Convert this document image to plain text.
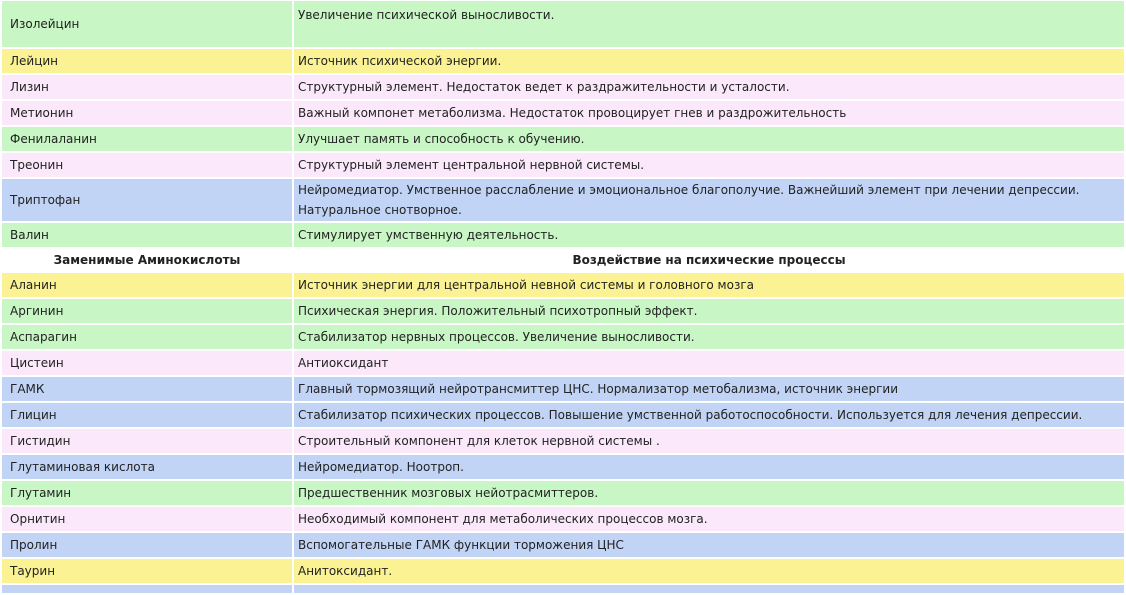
Изолейцин	Увеличение психической выносливости.
Лейцин	Источник психической энергии.
Лизин	Структурный элемент. Недостаток ведет к раздражительности и усталости.
Метионин	Важный компонет метаболизма. Недостаток провоцирует гнев и раздрожительность
Фенилаланин	Улучшает память и способность к обучению.
Треонин	Структурный элемент центральной нервной системы.
Триптофан	Нейромедиатор. Умственное расслабление и эмоциональное благополучие. Важнейший элемент при лечении депрессии. Натуральное снотворное.
Валин	Стимулирует умственную деятельность.
Заменимые Аминокислоты	Воздействие на психические процессы
Аланин	Источник энергии для центральной невной системы и головного мозга
Аргинин	Психическая энергия. Положительный психотропный эффект.
Аспарагин	Стабилизатор нервных процессов. Увеличение выносливости.
Цистеин	Антиоксидант
ГАМК	Главный тормозящий нейротрансмиттер ЦНС. Нормализатор метобализма, источник энергии
Глицин	Стабилизатор психических процессов. Повышение умственной работоспособности. Используется для лечения депрессии.
Гистидин	Строительный компонент для клеток нервной системы .
Глутаминовая кислота	Нейромедиатор. Ноотроп.
Глутамин	Предшественник мозговых нейотрасмиттеров.
Орнитин	Необходимый компонент для метаболических процессов мозга.
Пролин	Вспомогательные ГАМК функции торможения ЦНС
Таурин	Анитоксидант.
